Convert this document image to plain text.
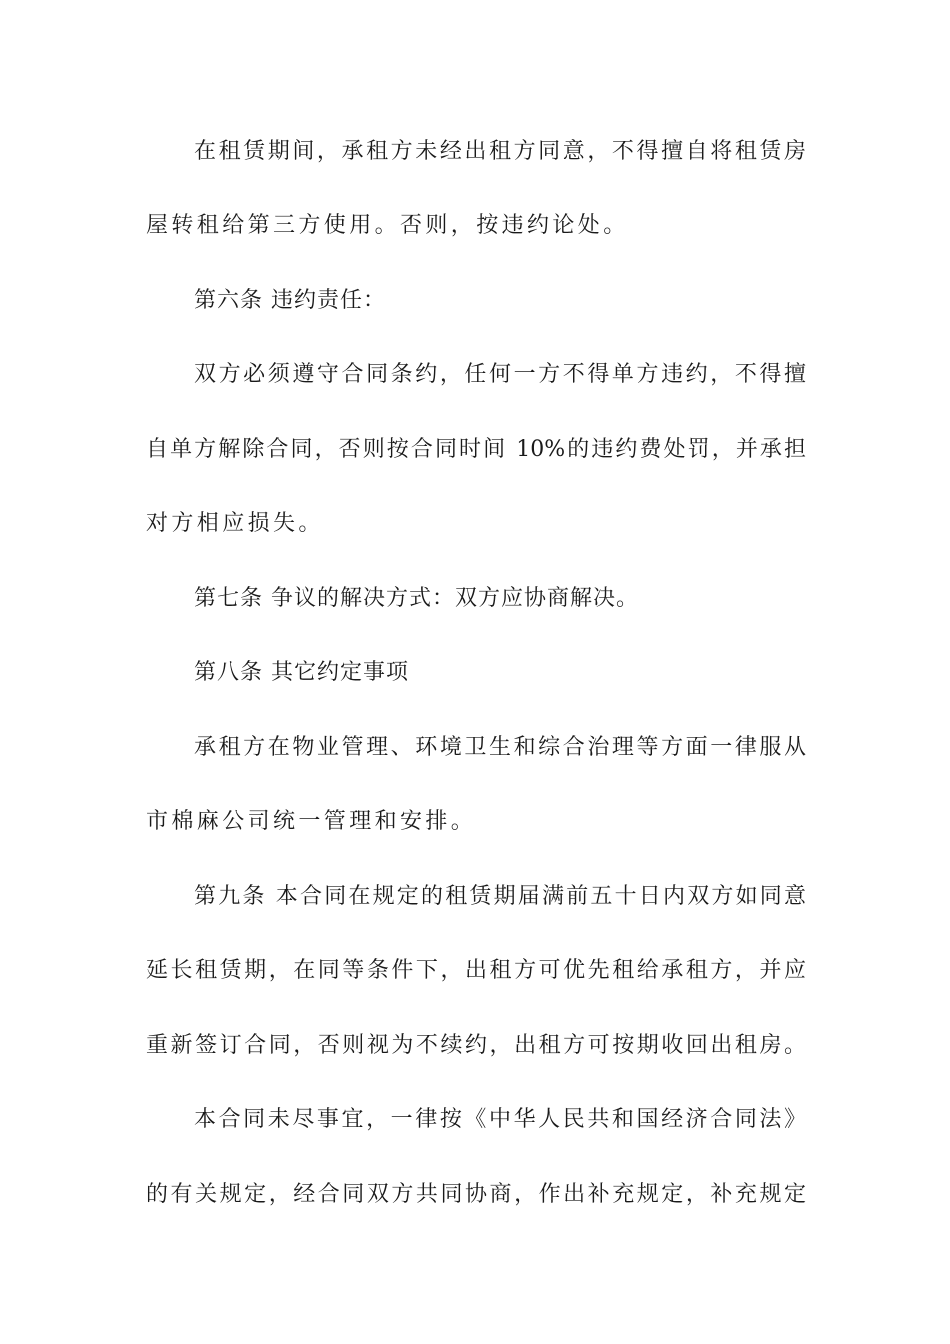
在租赁期间，承租方未经出租方同意，不得擅自将租赁房
屋转租给第三方使用。否则，按违约论处。
第六条 违约责任：
双方必须遵守合同条约，任何一方不得单方违约，不得擅
自单方解除合同，否则按合同时间 10%的违约费处罚，并承担
对方相应损失。
第七条 争议的解决方式：双方应协商解决。
第八条 其它约定事项
承租方在物业管理、环境卫生和综合治理等方面一律服从
市棉麻公司统一管理和安排。
第九条 本合同在规定的租赁期届满前五十日内双方如同意
延长租赁期，在同等条件下，出租方可优先租给承租方，并应
重新签订合同，否则视为不续约，出租方可按期收回出租房。
本合同未尽事宜，一律按《中华人民共和国经济合同法》
的有关规定，经合同双方共同协商，作出补充规定，补充规定
